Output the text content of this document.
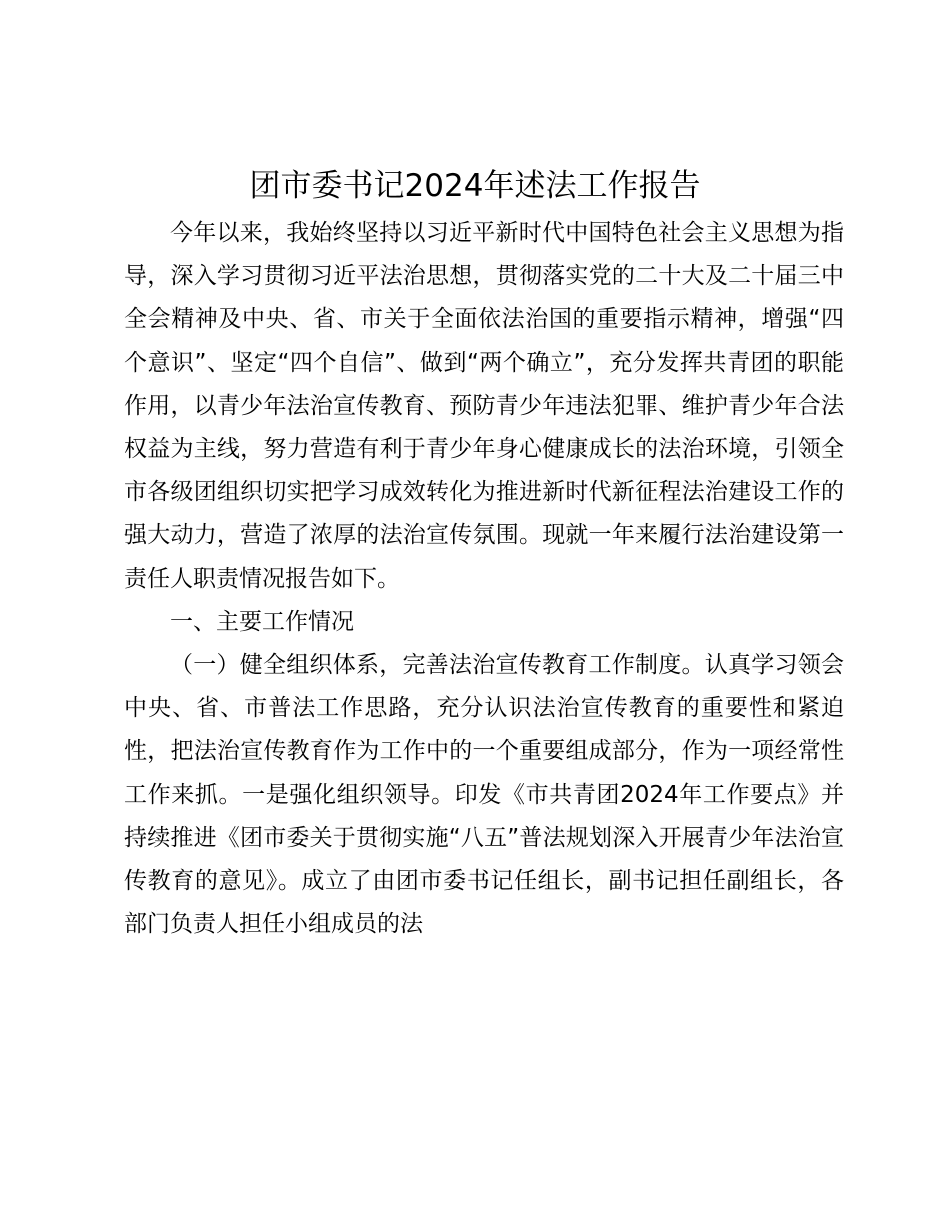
团市委书记2024年述法工作报告

今年以来，我始终坚持以习近平新时代中国特色社会主义思想为指导，深入学习贯彻习近平法治思想，贯彻落实党的二十大及二十届三中全会精神及中央、省、市关于全面依法治国的重要指示精神，增强“四个意识”、坚定“四个自信”、做到“两个确立”，充分发挥共青团的职能作用，以青少年法治宣传教育、预防青少年违法犯罪、维护青少年合法权益为主线，努力营造有利于青少年身心健康成长的法治环境，引领全市各级团组织切实把学习成效转化为推进新时代新征程法治建设工作的强大动力，营造了浓厚的法治宣传氛围。现就一年来履行法治建设第一责任人职责情况报告如下。

一、主要工作情况

（一）健全组织体系，完善法治宣传教育工作制度。认真学习领会中央、省、市普法工作思路，充分认识法治宣传教育的重要性和紧迫性，把法治宣传教育作为工作中的一个重要组成部分，作为一项经常性工作来抓。一是强化组织领导。印发《市共青团2024年工作要点》并持续推进《团市委关于贯彻实施“八五”普法规划深入开展青少年法治宣传教育的意见》。成立了由团市委书记任组长，副书记担任副组长，各部门负责人担任小组成员的法
